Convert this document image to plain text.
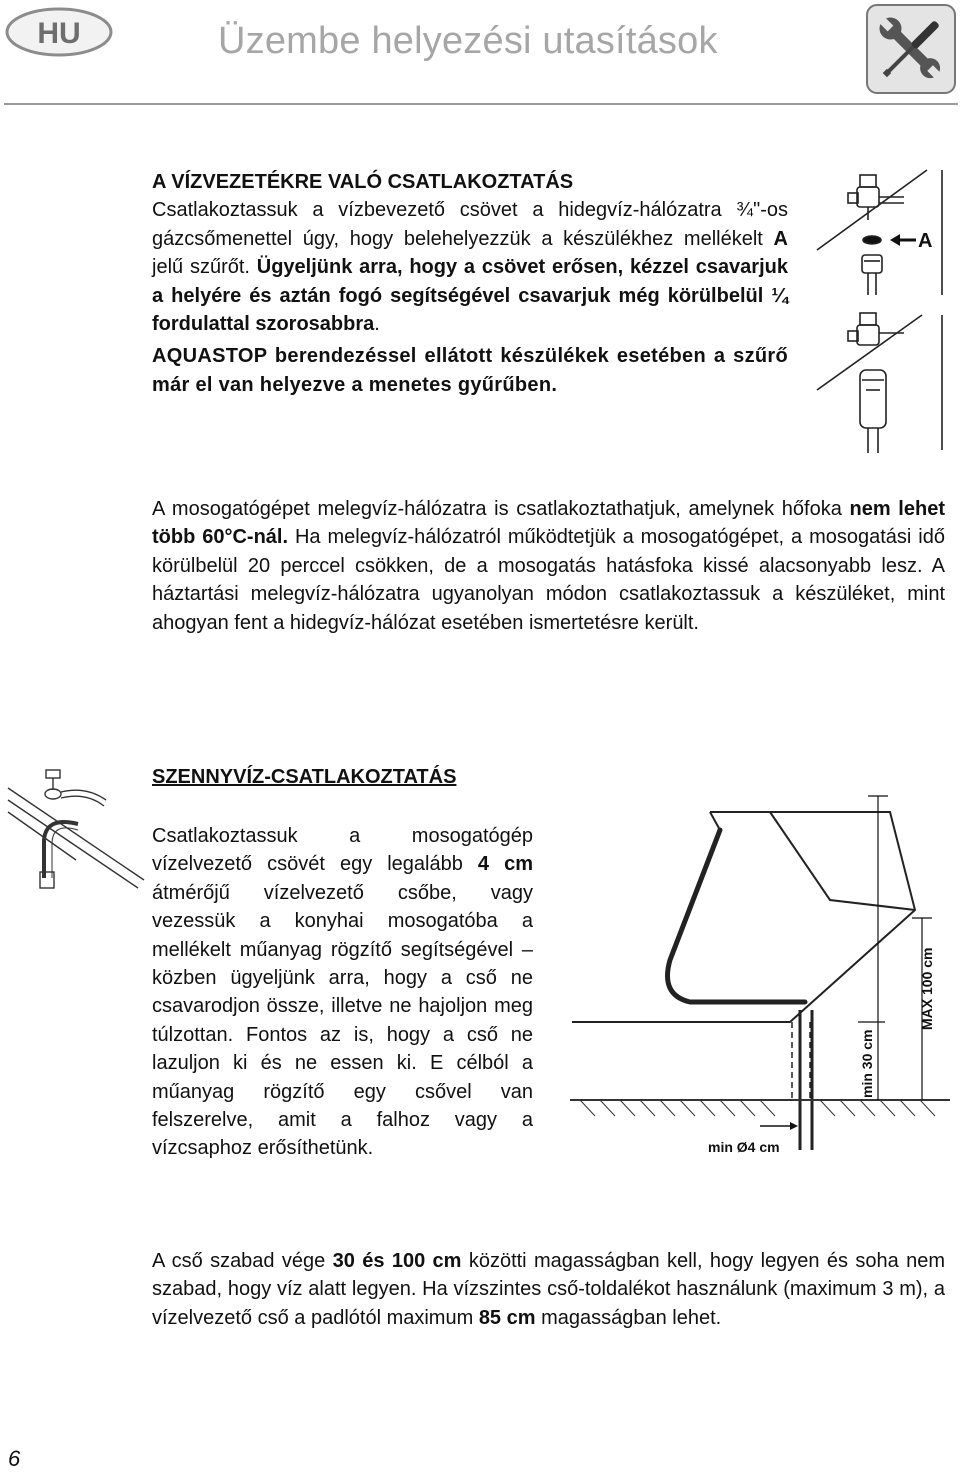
HU	Üzembe helyezési utasítások

A VÍZVEZETÉKRE VALÓ CSATLAKOZTATÁS

Csatlakoztassuk a vízbevezető csövet a hidegvíz-hálózatra ¾"-os gázcsőmenettel úgy, hogy belehelyezzük a készülékhez mellékelt A jelű szűrőt. Ügyeljünk arra, hogy a csövet erősen, kézzel csavarjuk a helyére és aztán fogó segítségével csavarjuk még körülbelül ¼ fordulattal szorosabbra.

AQUASTOP berendezéssel ellátott készülékek esetében a szűrő már el van helyezve a menetes gyűrűben.

A mosogatógépet melegvíz-hálózatra is csatlakoztathatjuk, amelynek hőfoka nem lehet több 60°C-nál. Ha melegvíz-hálózatról működtetjük a mosogatógépet, a mosogatási idő körülbelül 20 perccel csökken, de a mosogatás hatásfoka kissé alacsonyabb lesz. A háztartási melegvíz-hálózatra ugyanolyan módon csatlakoztassuk a készüléket, mint ahogyan fent a hidegvíz-hálózat esetében ismertetésre került.
A
SZENNYVÍZ-CSATLAKOZTATÁS
Csatlakoztassuk a mosogatógép vízelvezető csövét egy legalább 4 cm átmérőjű vízelvezető csőbe, vagy vezessük a konyhai mosogatóba a mellékelt műanyag rögzítő segítségével – közben ügyeljünk arra, hogy a cső ne csavarodjon össze, illetve ne hajoljon meg túlzottan. Fontos az is, hogy a cső ne lazuljon ki és ne essen ki. E célból a műanyag rögzítő egy csővel van felszerelve, amit a falhoz vagy a vízcsaphoz erősíthetünk.	min Ø4 cm
MAX 100 cm
min 30 cm
A cső szabad vége 30 és 100 cm közötti magasságban kell, hogy legyen és soha nem szabad, hogy víz alatt legyen. Ha vízszintes cső-toldalékot használunk (maximum 3 m), a vízelvezető cső a padlótól maximum 85 cm magasságban lehet.
6
